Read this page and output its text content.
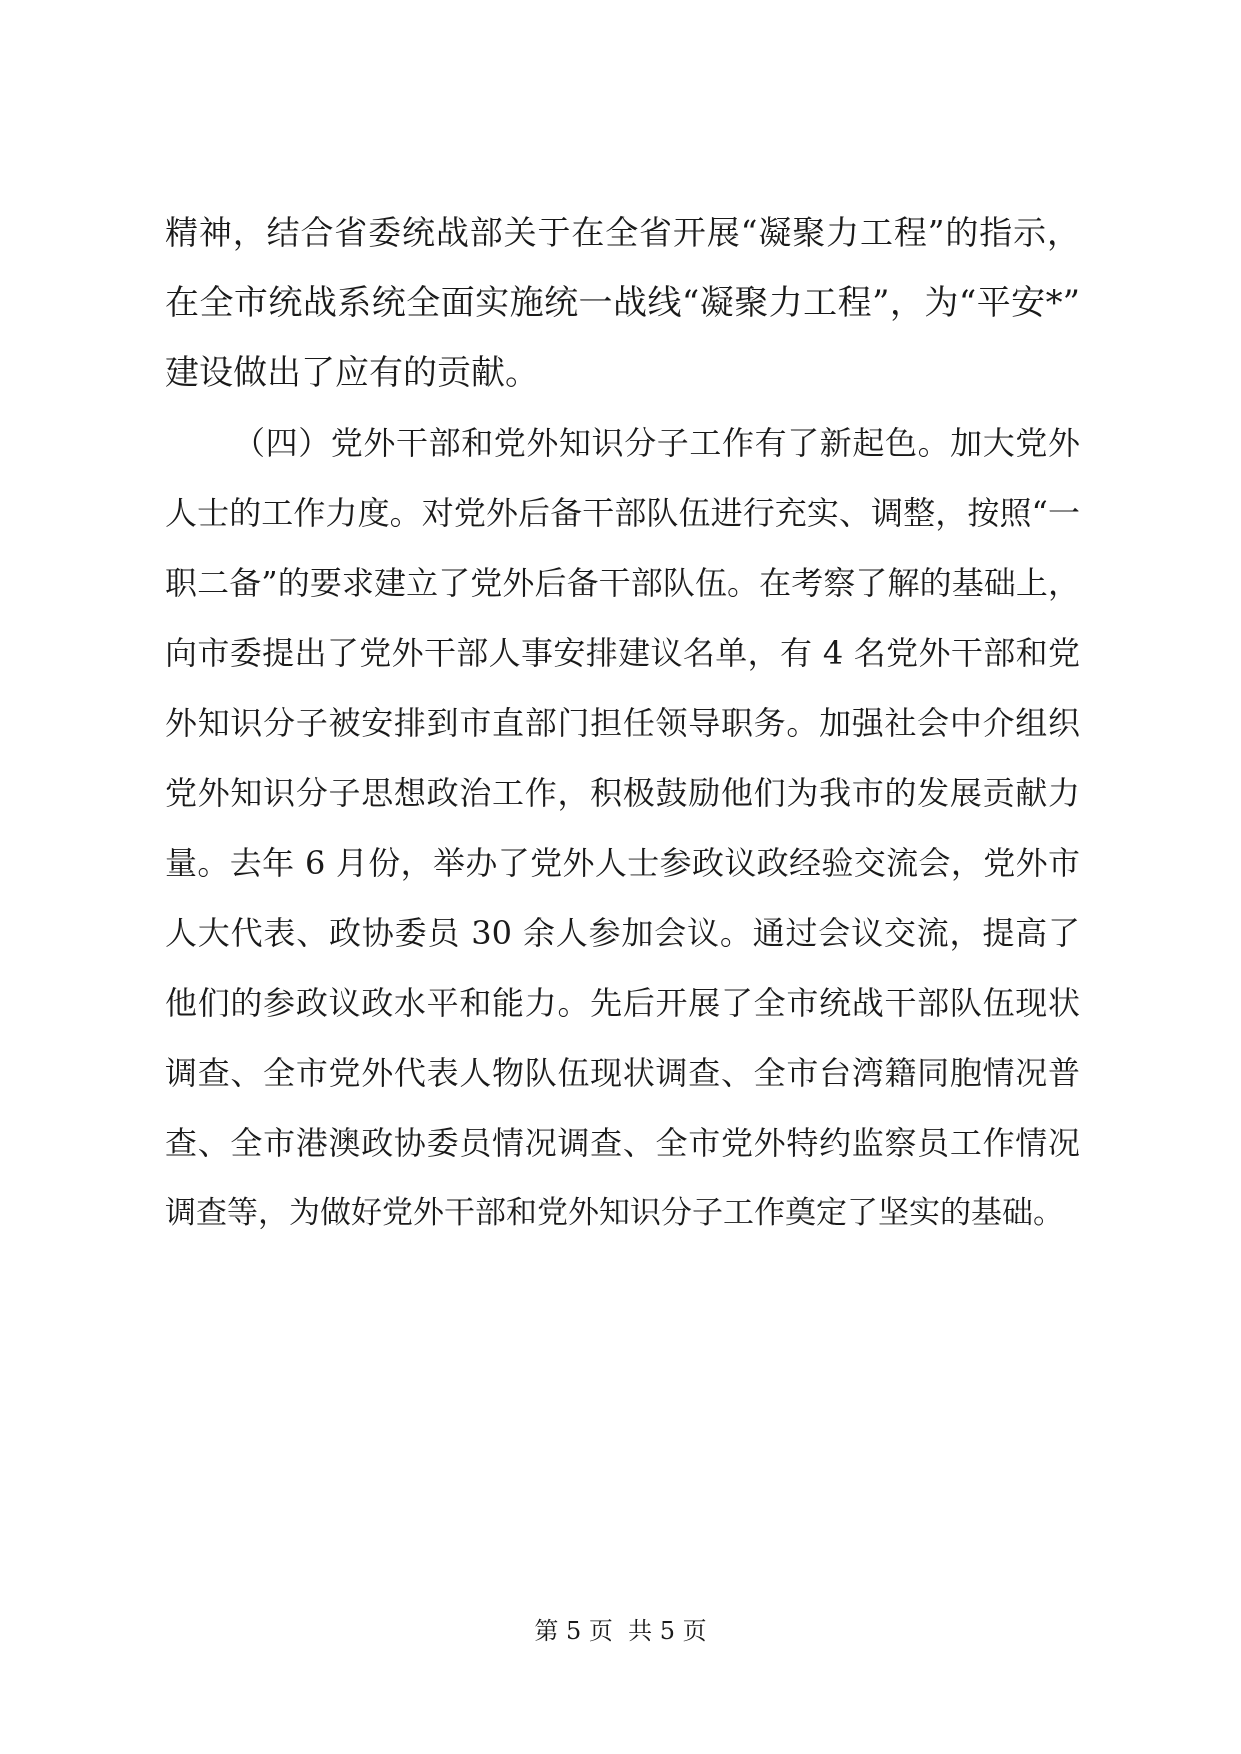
精神，结合省委统战部关于在全省开展“凝聚力工程”的指示，
在全市统战系统全面实施统一战线“凝聚力工程”，为“平安*”
建设做出了应有的贡献。
（四）党外干部和党外知识分子工作有了新起色。加大党外
人士的工作力度。对党外后备干部队伍进行充实、调整，按照“一
职二备”的要求建立了党外后备干部队伍。在考察了解的基础上，
向市委提出了党外干部人事安排建议名单，有 4 名党外干部和党
外知识分子被安排到市直部门担任领导职务。加强社会中介组织
党外知识分子思想政治工作，积极鼓励他们为我市的发展贡献力
量。去年 6 月份，举办了党外人士参政议政经验交流会，党外市
人大代表、政协委员 30 余人参加会议。通过会议交流，提高了
他们的参政议政水平和能力。先后开展了全市统战干部队伍现状
调查、全市党外代表人物队伍现状调查、全市台湾籍同胞情况普
查、全市港澳政协委员情况调查、全市党外特约监察员工作情况
调查等，为做好党外干部和党外知识分子工作奠定了坚实的基础。
第 5 页  共 5 页
